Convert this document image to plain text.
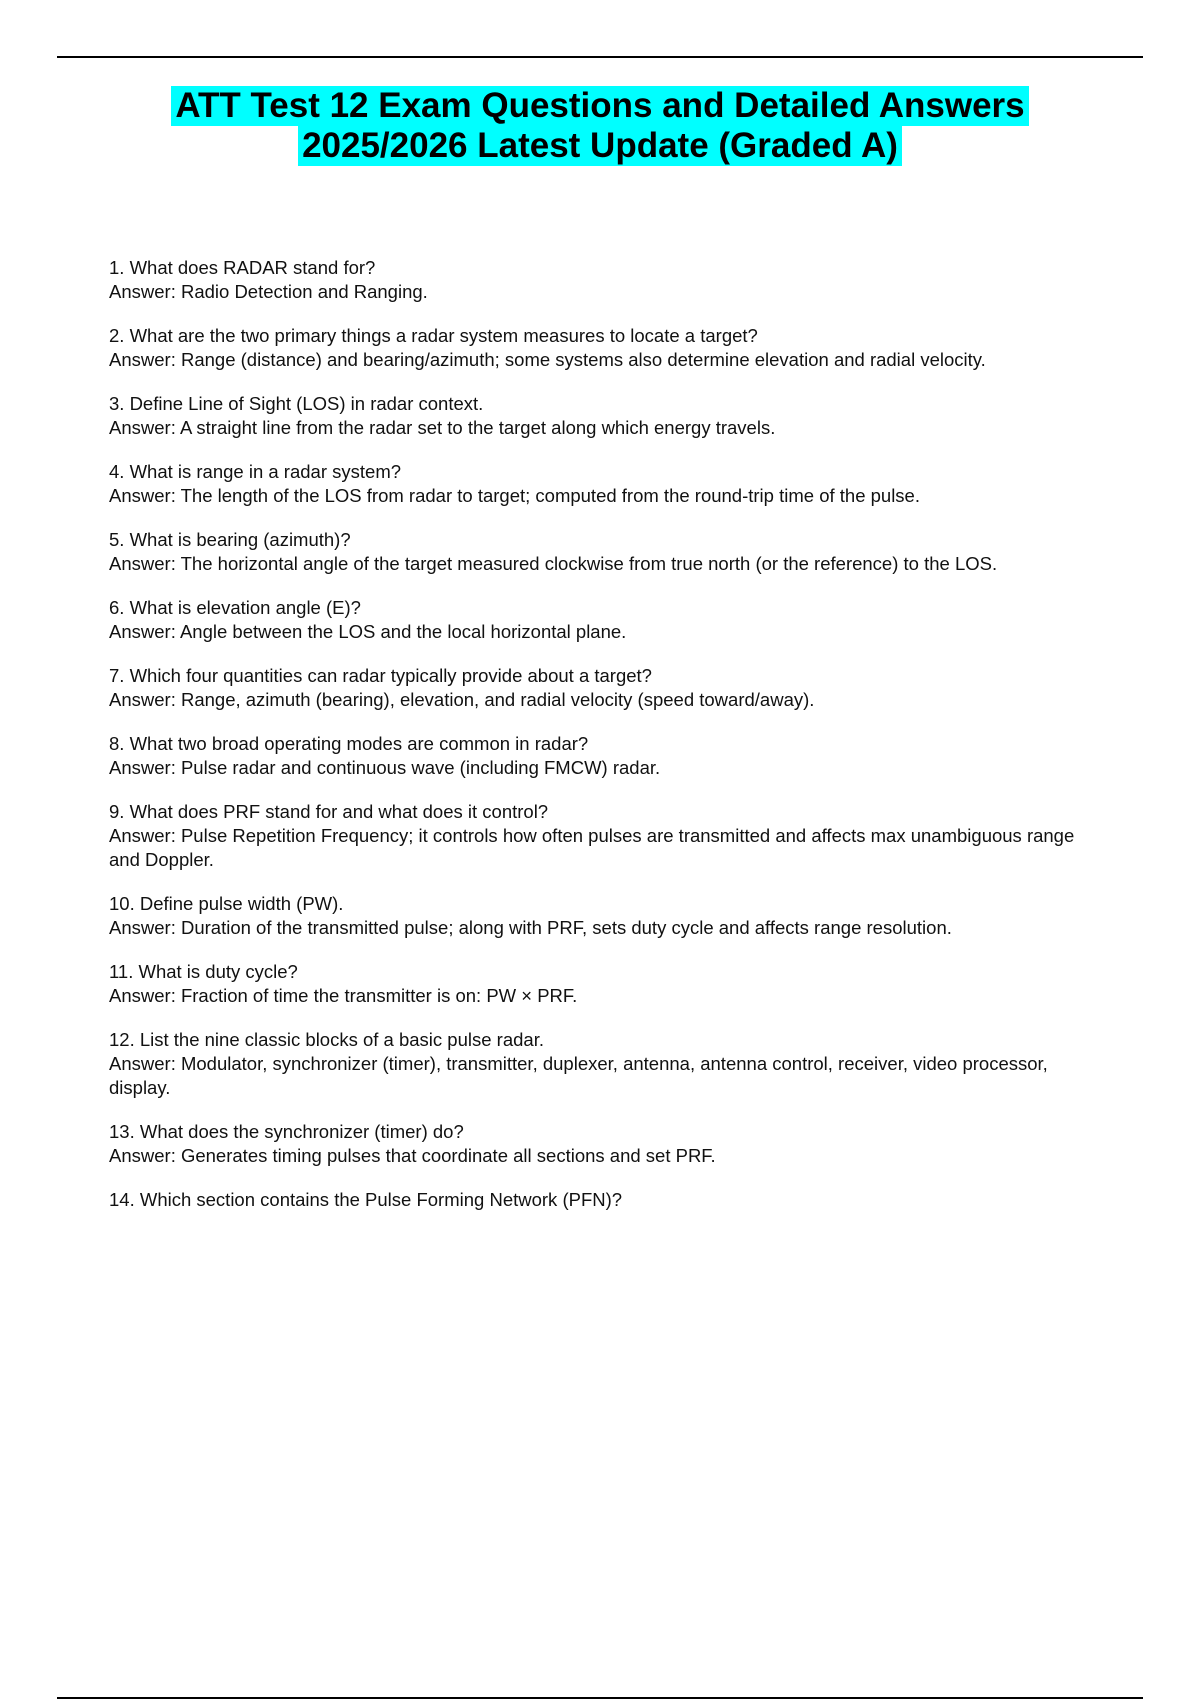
ATT Test 12 Exam Questions and Detailed Answers
2025/2026 Latest Update (Graded A)

1. What does RADAR stand for?

Answer: Radio Detection and Ranging.

2. What are the two primary things a radar system measures to locate a target?

Answer: Range (distance) and bearing/azimuth; some systems also determine elevation and radial velocity.

3. Define Line of Sight (LOS) in radar context.

Answer: A straight line from the radar set to the target along which energy travels.

4. What is range in a radar system?

Answer: The length of the LOS from radar to target; computed from the round-trip time of the pulse.

5. What is bearing (azimuth)?

Answer: The horizontal angle of the target measured clockwise from true north (or the reference) to the LOS.

6. What is elevation angle (E)?

Answer: Angle between the LOS and the local horizontal plane.

7. Which four quantities can radar typically provide about a target?

Answer: Range, azimuth (bearing), elevation, and radial velocity (speed toward/away).

8. What two broad operating modes are common in radar?

Answer: Pulse radar and continuous wave (including FMCW) radar.

9. What does PRF stand for and what does it control?

Answer: Pulse Repetition Frequency; it controls how often pulses are transmitted and affects max unambiguous range and Doppler.

10. Define pulse width (PW).

Answer: Duration of the transmitted pulse; along with PRF, sets duty cycle and affects range resolution.

11. What is duty cycle?

Answer: Fraction of time the transmitter is on: PW × PRF.

12. List the nine classic blocks of a basic pulse radar.

Answer: Modulator, synchronizer (timer), transmitter, duplexer, antenna, antenna control, receiver, video processor, display.

13. What does the synchronizer (timer) do?

Answer: Generates timing pulses that coordinate all sections and set PRF.

14. Which section contains the Pulse Forming Network (PFN)?
